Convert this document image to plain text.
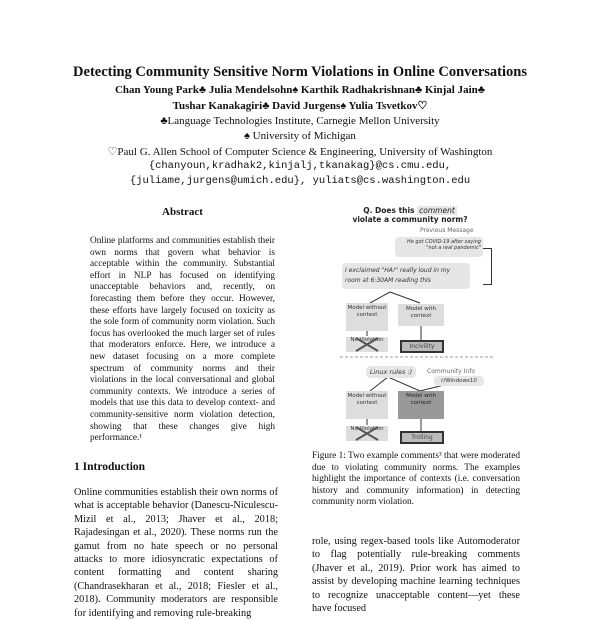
Detecting Community Sensitive Norm Violations in Online Conversations
Chan Young Park♣ Julia Mendelsohn♠ Karthik Radhakrishnan♣ Kinjal Jain♣
Tushar Kanakagiri♣ David Jurgens♠ Yulia Tsvetkov♡
♣Language Technologies Institute, Carnegie Mellon University
♠ University of Michigan
♡Paul G. Allen School of Computer Science & Engineering, University of Washington
{chanyoun,kradhak2,kinjalj,tkanakag}@cs.cmu.edu,
{juliame,jurgens@umich.edu}, yuliats@cs.washington.edu
Abstract
Online platforms and communities establish their own norms that govern what behavior is acceptable within the community. Substantial effort in NLP has focused on identifying unacceptable behaviors and, recently, on forecasting them before they occur. However, these efforts have largely focused on toxicity as the sole form of community norm violation. Such focus has overlooked the much larger set of rules that moderators enforce. Here, we introduce a new dataset focusing on a more complete spectrum of community norms and their violations in the local conversational and global community contexts. We introduce a series of models that use this data to develop context- and community-sensitive norm violation detection, showing that these changes give high performance.¹
1 Introduction
Online communities establish their own norms of what is acceptable behavior (Danescu-Niculescu-Mizil et al., 2013; Jhaver et al., 2018; Rajadesingan et al., 2020). These norms run the gamut from no hate speech or no personal attacks to more idiosyncratic expectations of content formatting and content sharing (Chandrasekharan et al., 2018; Fiesler et al., 2018). Community moderators are responsible for identifying and removing rule-breaking
Q. Does this comment
violate a community norm?
Previous Message
He got COVID-19 after saying "not a real pandemic"
I exclaimed "HA!" really loud in my room at 6:30AM reading this
Model without context
Model with context
No Violation
Incivility
Linux rules :)	Community Info
r/Windows10
Model without context
Model with context
No Violation
Trolling
Figure 1: Two example comments³ that were moderated due to violating community norms. The examples highlight the importance of contexts (i.e. conversation history and community information) in detecting community norm violation.
role, using regex-based tools like Automoderator to flag potentially rule-breaking comments (Jhaver et al., 2019). Prior work has aimed to assist by developing machine learning techniques to recognize unacceptable content—yet these have focused
